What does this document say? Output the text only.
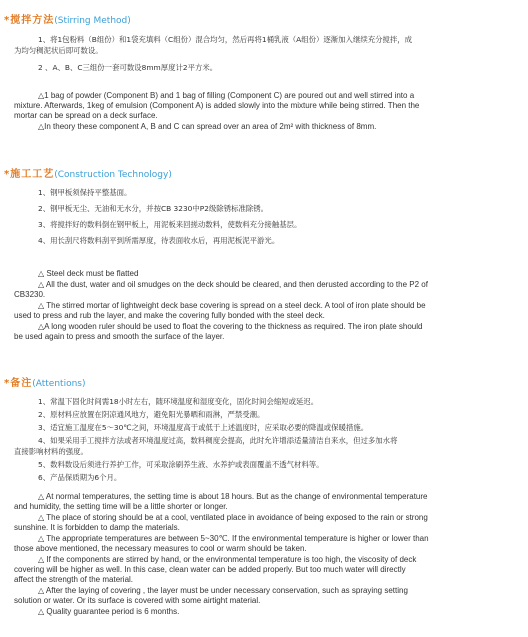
*搅拌方法(Stirring Method)

1、将1包粉料（B组份）和1袋充填料（C组份）混合均匀，然后再将1桶乳液（A组份）逐渐加入继续充分搅拌，成

为均匀稠泥状后即可数设。

2 、A、B、C三组份一套可数设8mm厚度计2平方米。

△1 bag of powder (Component B) and 1 bag of filling (Component C) are poured out and well stirred into a

mixture. Afterwards, 1keg of emulsion (Component A) is added slowly into the mixture while being stirred. Then the

mortar can be spread on a deck surface.

△In theory these component A, B and C can spread over an area of 2m² with thickness of 8mm.

*施工工艺(Construction Technology)

1、钢甲板须保持平整基面。

2、钢甲板无尘、无油和无水分，并按CB 3230中P2级除锈标准除锈。

3、将搅拌好的数料倒在钢甲板上，用泥板来回搓动数料，使数料充分接触基层。

4、用长刮尺将数料刮平到所需厚度，待表面收水后，再用泥板泥平游光。

△ Steel deck must be flatted

△ All the dust, water and oil smudges on the deck should be cleared, and then derusted according to the P2 of

CB3230.

△ The stirred mortar of lightweight deck base covering is spread on a steel deck. A tool of iron plate should be

used to press and rub the layer, and make the covering fully bonded with the steel deck.

△A long wooden ruler should be used to float the covering to the thickness as required. The iron plate should

be used again to press and smooth the surface of the layer.

*备注(Attentions)

1、常温下固化时间需18小时左右，随环境温度和湿度变化，固化时间会缩短或延迟。

2、原材料应放置在阴凉通风地方，避免阳光暴晒和雨淋，严禁受潮。

3、适宜施工温度在5～30℃之间，环境温度高于或低于上述温度时，应采取必要的降温或保暖措施。

4、如果采用手工搅拌方法或者环境温度过高，数料稠度会提高，此时允许增添适量清洁自来水，但过多加水将

直接影响材料的强度。

5、数料数设后须进行养护工作，可采取涂刷养生液、水养护或表面覆盖不透气材料等。

6、产品保质期为6个月。

△ At normal temperatures, the setting time is about 18 hours. But as the change of environmental temperature

and humidity, the setting time will be a little shorter or longer.

△ The place of storing should be at a cool, ventilated place in avoidance of being exposed to the rain or strong

sunshine. It is forbidden to damp the materials.

△ The appropriate temperatures are between 5~30℃. If the environmental temperature is higher or lower than

those above mentioned, the necessary measures to cool or warm should be taken.

△ If the components are stirred by hand, or the environmental temperature is too high, the viscosity of deck

covering will be higher as well. In this case, clean water can be added properly. But too much water will directly

affect the strength of the material.

△ After the laying of covering , the layer must be under necessary conservation, such as spraying setting

solution or water. Or its surface is covered with some airtight material.

△ Quality guarantee period is 6 months.
